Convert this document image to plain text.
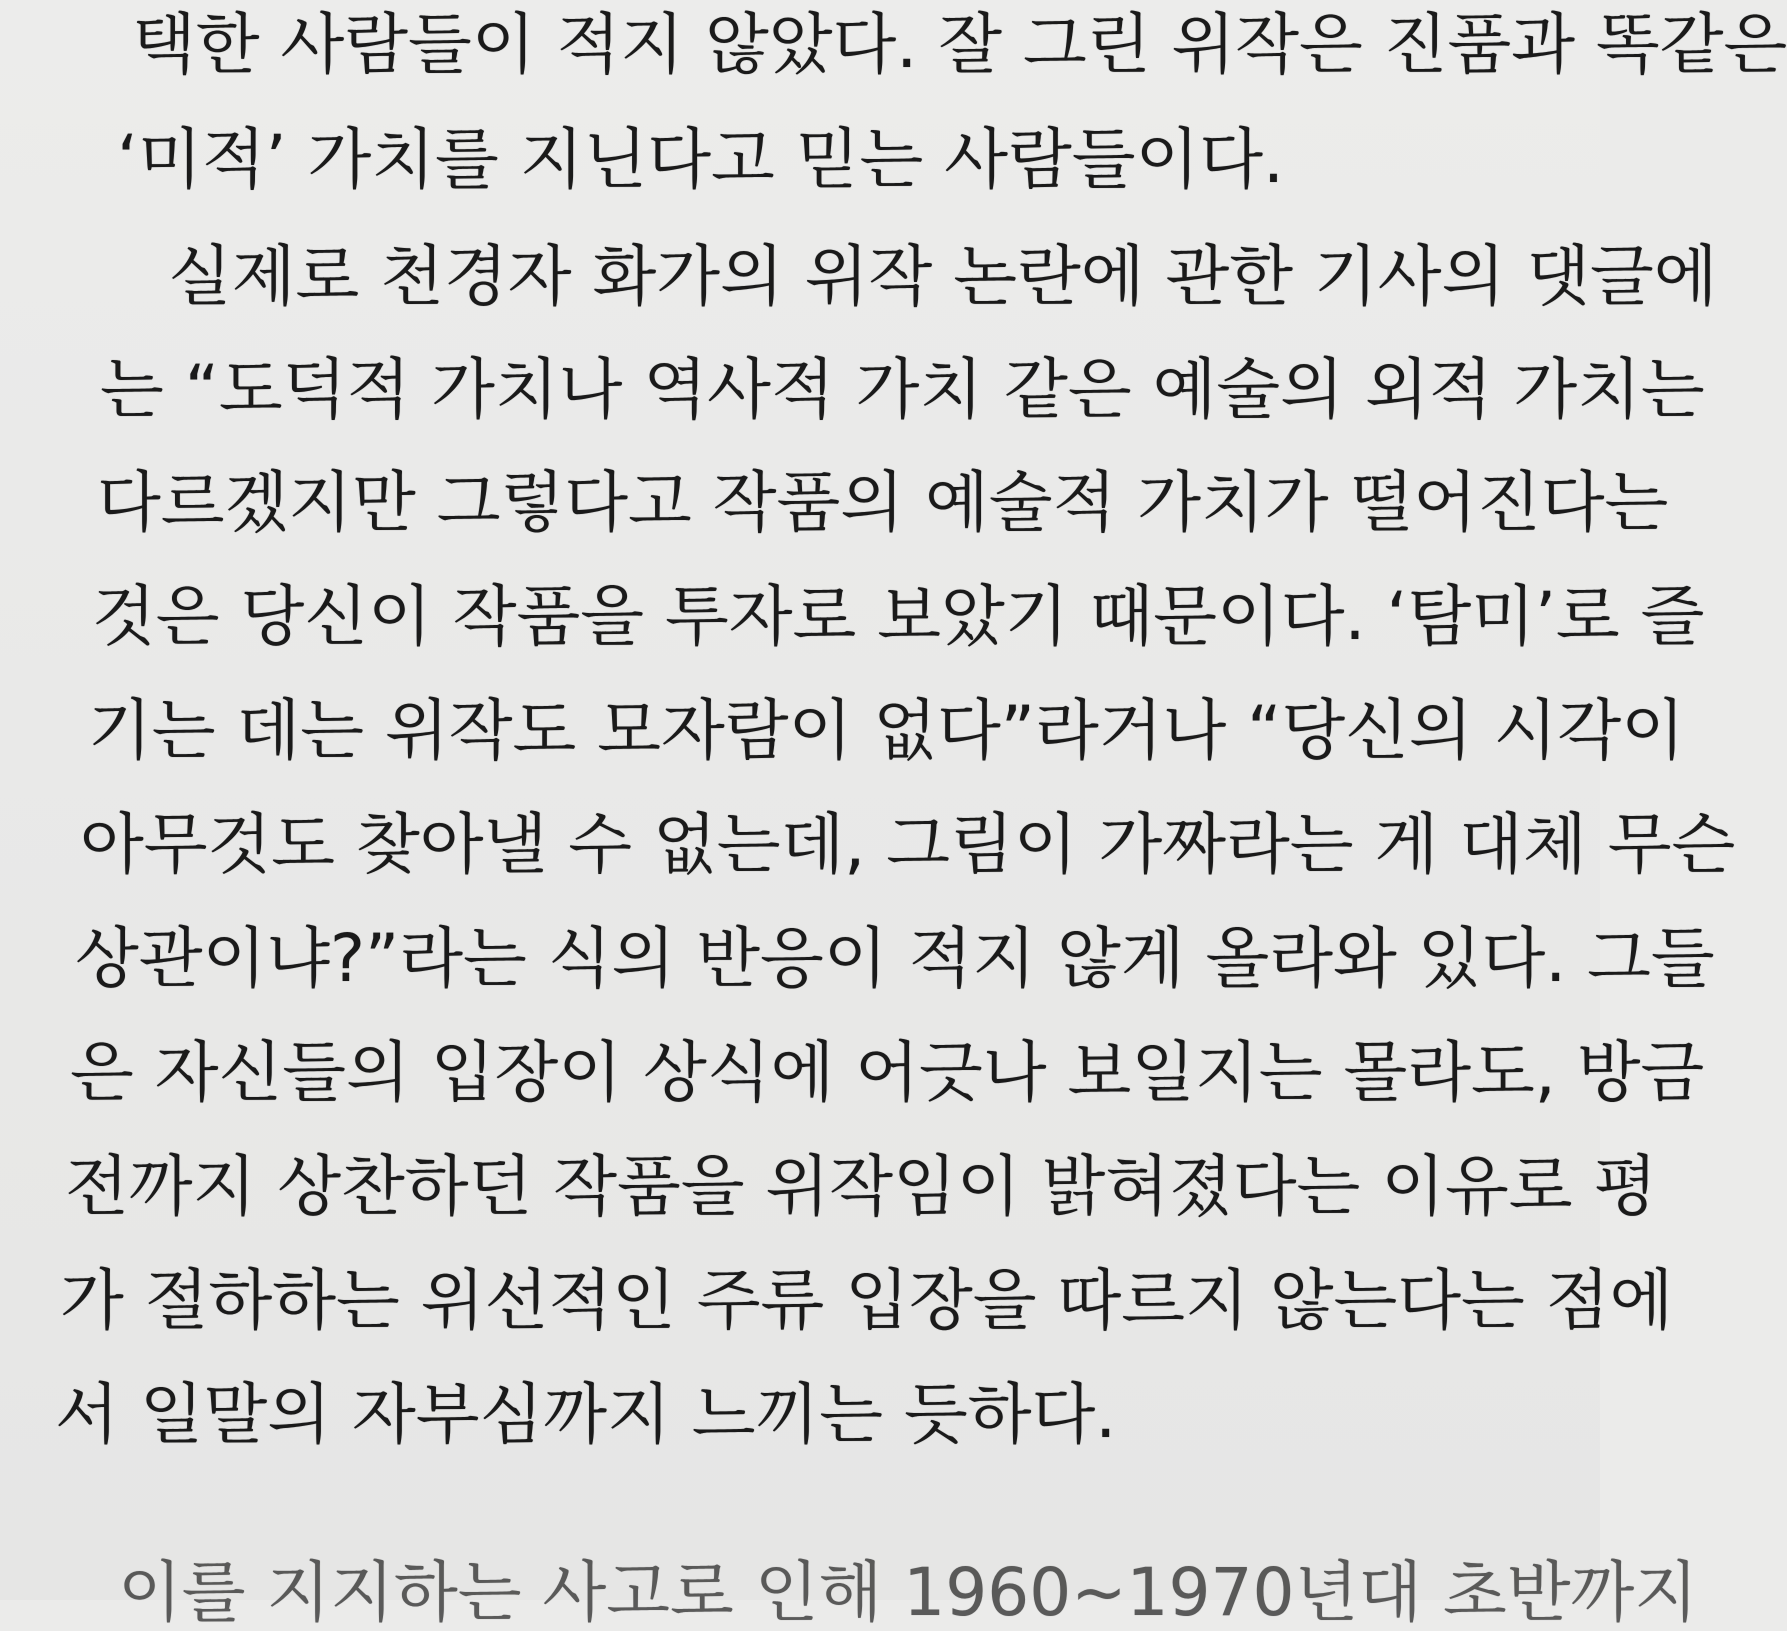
택한 사람들이 적지 않았다. 잘 그린 위작은 진품과 똑같은
‘미적’ 가치를 지닌다고 믿는 사람들이다.
실제로 천경자 화가의 위작 논란에 관한 기사의 댓글에
는 “도덕적 가치나 역사적 가치 같은 예술의 외적 가치는
다르겠지만 그렇다고 작품의 예술적 가치가 떨어진다는
것은 당신이 작품을 투자로 보았기 때문이다. ‘탐미’로 즐
기는 데는 위작도 모자람이 없다”라거나 “당신의 시각이
아무것도 찾아낼 수 없는데, 그림이 가짜라는 게 대체 무슨
상관이냐?”라는 식의 반응이 적지 않게 올라와 있다. 그들
은 자신들의 입장이 상식에 어긋나 보일지는 몰라도, 방금
전까지 상찬하던 작품을 위작임이 밝혀졌다는 이유로 평
가 절하하는 위선적인 주류 입장을 따르지 않는다는 점에
서 일말의 자부심까지 느끼는 듯하다.
이를 지지하는 사고로 인해 1960~1970년대 초반까지
